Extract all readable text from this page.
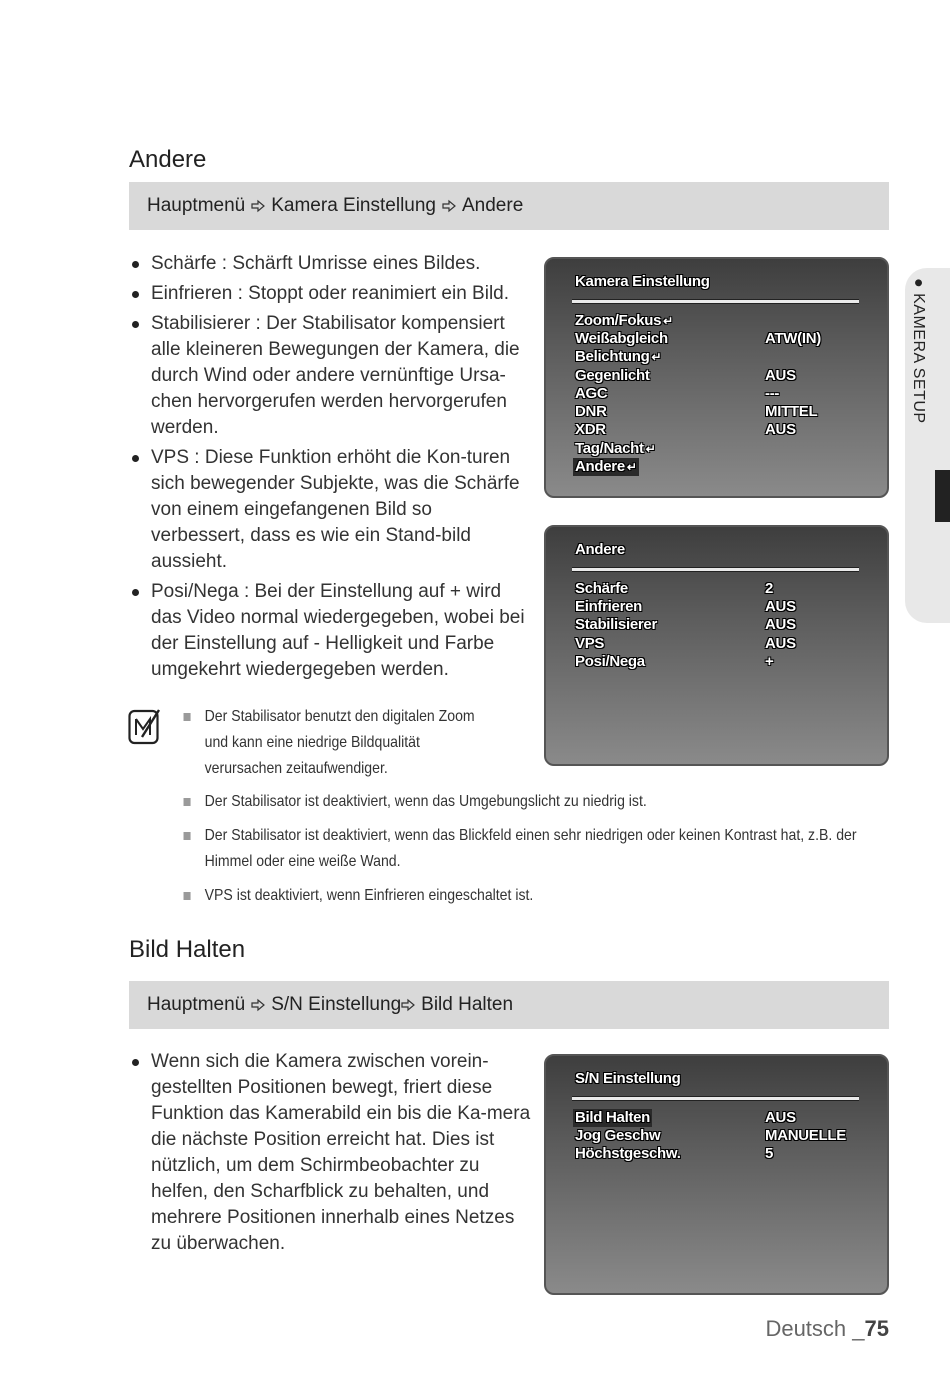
● KAMERA SETUP
Andere
Hauptmenü Kamera Einstellung Andere
Schärfe : Schärft Umrisse eines Bildes.
Einfrieren : Stoppt oder reanimiert ein Bild.
Stabilisierer : Der Stabilisator kompensiert alle kleineren Bewegungen der Kamera, die durch Wind oder andere vernünftige Ursa-chen hervorgerufen werden hervorgerufen werden.
VPS : Diese Funktion erhöht die Kon-turen sich bewegender Subjekte, was die Schärfe von einem eingefangenen Bild so verbessert, dass es wie ein Stand-bild aussieht.
Posi/Nega : Bei der Einstellung auf + wird das Video normal wiedergegeben, wobei bei der Einstellung auf - Helligkeit und Farbe umgekehrt wiedergegeben werden.
Kamera Einstellung
Zoom/Fokus ↵
Weißabgleich	ATW(IN)
Belichtung ↵
Gegenlicht	AUS
AGC	---
DNR	MITTEL
XDR	AUS
Tag/Nacht ↵
Andere ↵
Andere
Schärfe	2
Einfrieren	AUS
Stabilisierer	AUS
VPS	AUS
Posi/Nega	+
Der Stabilisator benutzt den digitalen Zoom und kann eine niedrige Bildqualität verursachen zeitaufwendiger.
Der Stabilisator ist deaktiviert, wenn das Umgebungslicht zu niedrig ist.
Der Stabilisator ist deaktiviert, wenn das Blickfeld einen sehr niedrigen oder keinen Kontrast hat, z.B. der Himmel oder eine weiße Wand.
VPS ist deaktiviert, wenn Einfrieren eingeschaltet ist.
Bild Halten
Hauptmenü S/N Einstellung Bild Halten
Wenn sich die Kamera zwischen vorein-gestellten Positionen bewegt, friert diese Funktion das Kamerabild ein bis die Ka-mera die nächste Position erreicht hat. Dies ist nützlich, um dem Schirmbeobachter zu helfen, den Scharfblick zu behalten, und mehrere Positionen innerhalb eines Netzes zu überwachen.
S/N Einstellung
Bild Halten	AUS
Jog Geschw	MANUELLE
Höchstgeschw.	5
Deutsch _75
